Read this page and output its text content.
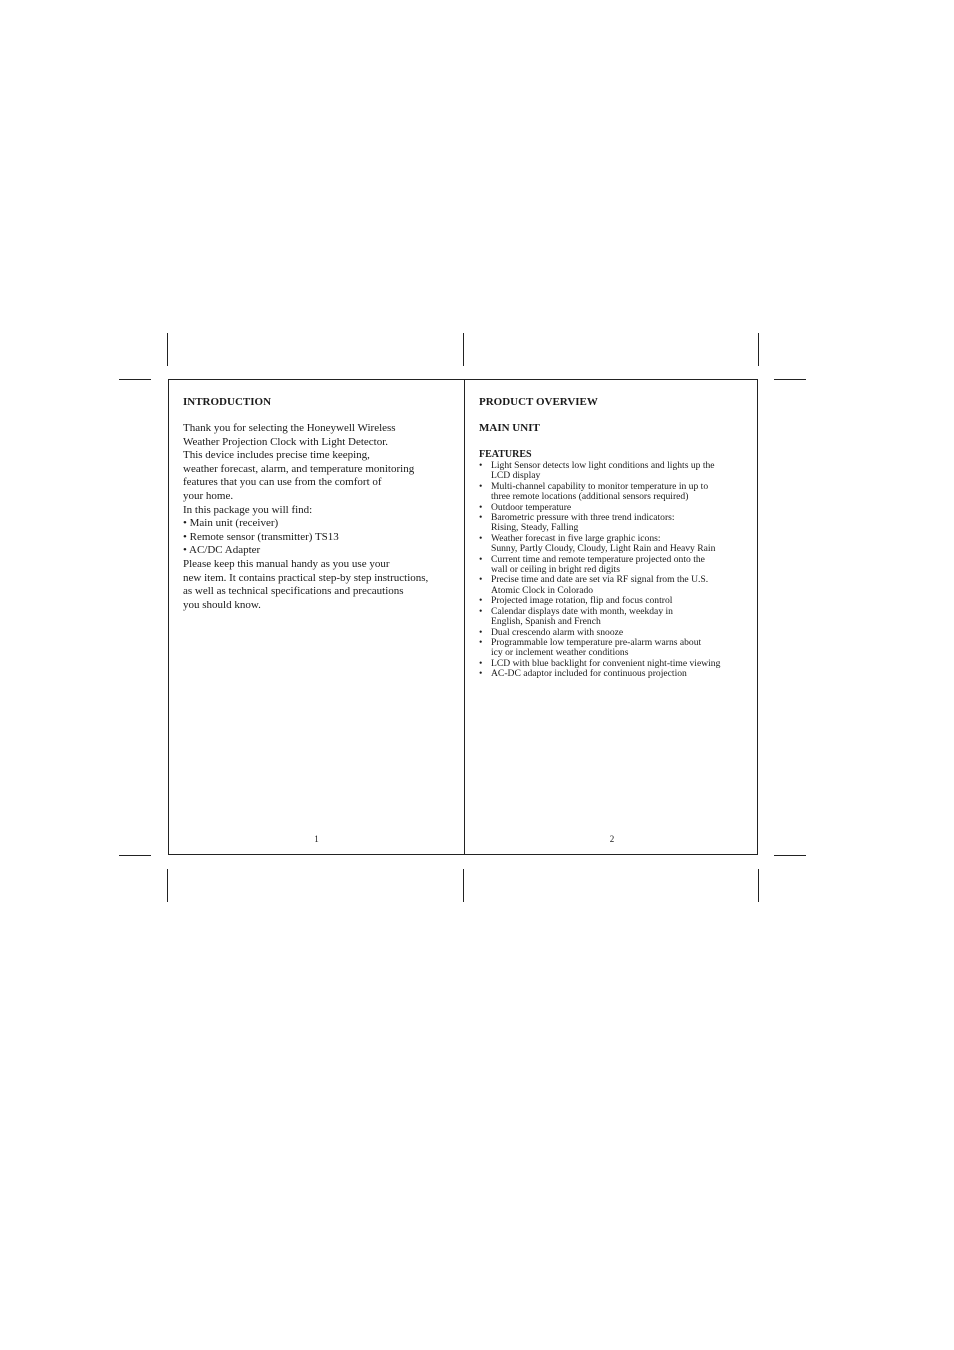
INTRODUCTION
Thank you for selecting the Honeywell Wireless
Weather Projection Clock with Light Detector.
This device includes precise time keeping,
weather forecast, alarm, and temperature monitoring
features that you can use from the comfort of
your home.
In this package you will find:
• Main unit (receiver)
• Remote sensor (transmitter) TS13
• AC/DC Adapter
Please keep this manual handy as you use your
new item. It contains practical step-by step instructions,
as well as technical specifications and precautions
you should know.
1
PRODUCT OVERVIEW
MAIN UNIT
FEATURES
• Light Sensor detects low light conditions and lights up the
LCD display
• Multi-channel capability to monitor temperature in up to
three remote locations (additional sensors required)
• Outdoor temperature
• Barometric pressure with three trend indicators:
Rising, Steady, Falling
• Weather forecast in five large graphic icons:
Sunny, Partly Cloudy, Cloudy, Light Rain and Heavy Rain
• Current time and remote temperature projected onto the
wall or ceiling in bright red digits
• Precise time and date are set via RF signal from the U.S.
Atomic Clock in Colorado
• Projected image rotation, flip and focus control
• Calendar displays date with month, weekday in
English, Spanish and French
• Dual crescendo alarm with snooze
• Programmable low temperature pre-alarm warns about
icy or inclement weather conditions
• LCD with blue backlight for convenient night-time viewing
• AC-DC adaptor included for continuous projection
2
